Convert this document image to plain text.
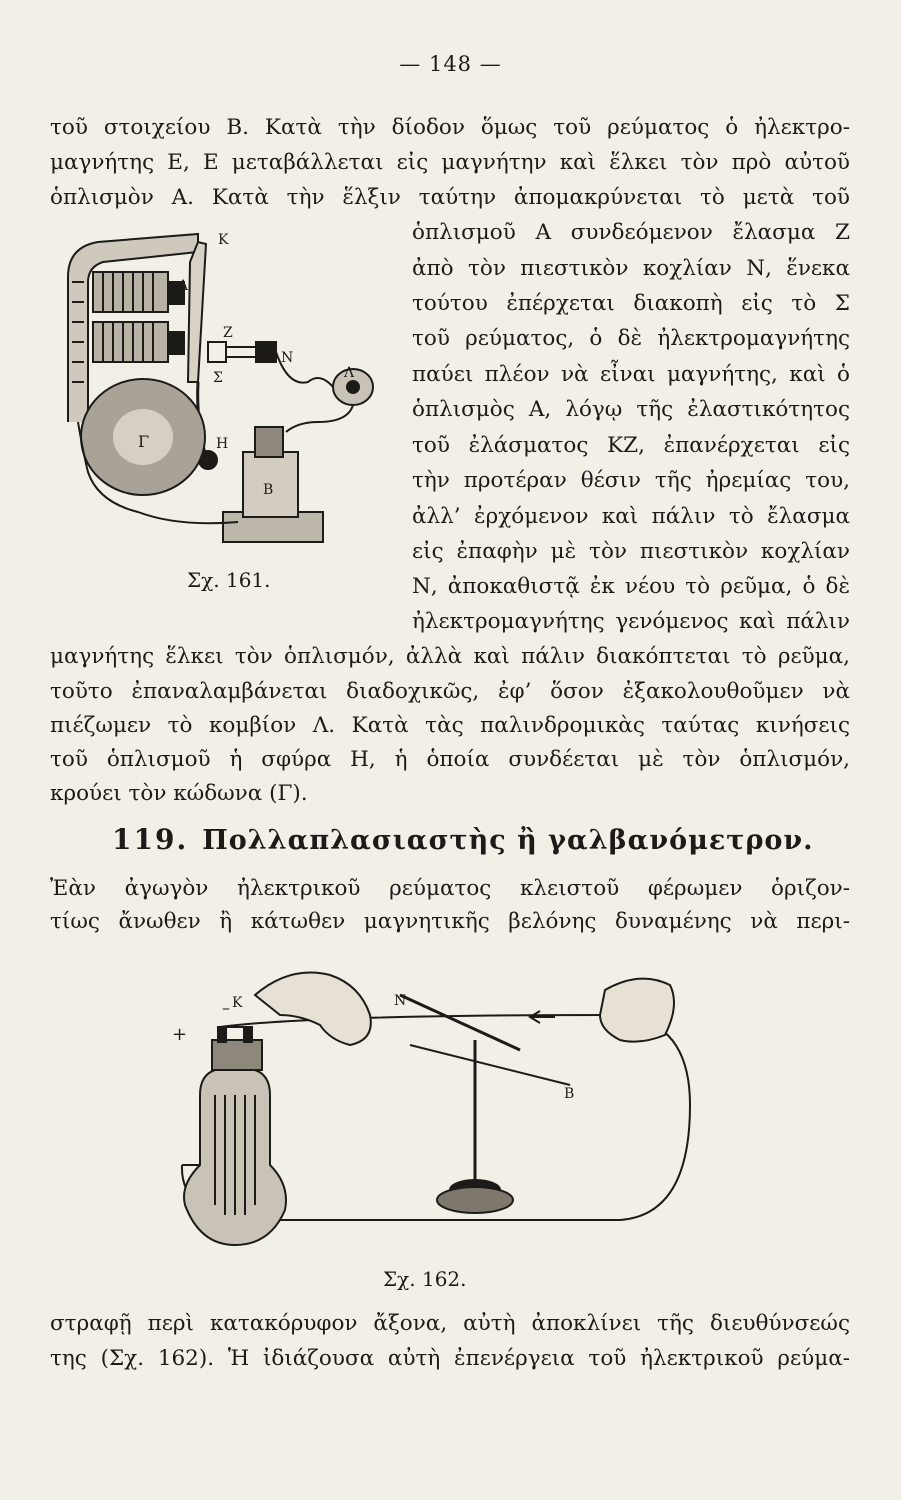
— 148 —
τοῦ στοιχείου Β. Κατὰ τὴν δίοδον ὅμως τοῦ ρεύματος ὁ ἠλεκτρο-
μαγνήτης Ε, Ε μεταβάλλεται εἰς μαγνήτην καὶ ἕλκει τὸν πρὸ αὐτοῦ
ὁπλισμὸν Α. Κατὰ τὴν ἕλξιν ταύτην ἀπομακρύνεται τὸ μετὰ τοῦ
ὁπλισμοῦ Α συνδεόμενον ἔλασμα Ζ
ἀπὸ τὸν πιεστικὸν κοχλίαν Ν, ἕνεκα
τούτου ἐπέρχεται διακοπὴ εἰς τὸ Σ
τοῦ ρεύματος, ὁ δὲ ἠλεκτρομαγνήτης
παύει πλέον νὰ εἶναι μαγνήτης, καὶ ὁ
ὁπλισμὸς Α, λόγῳ τῆς ἐλαστικότητος
τοῦ ἐλάσματος ΚΖ, ἐπανέρχεται εἰς
τὴν προτέραν θέσιν τῆς ἠρεμίας του,
ἀλλ’ ἐρχόμενον καὶ πάλιν τὸ ἔλασμα
εἰς ἐπαφὴν μὲ τὸν πιεστικὸν κοχλίαν
Ν, ἀποκαθιστᾷ ἐκ νέου τὸ ρεῦμα, ὁ δὲ
ἠλεκτρομαγνήτης γενόμενος καὶ πάλιν
μαγνήτης ἕλκει τὸν ὁπλισμόν, ἀλλὰ καὶ πάλιν διακόπτεται τὸ ρεῦμα,
τοῦτο ἐπαναλαμβάνεται διαδοχικῶς, ἐφ’ ὅσον ἐξακολουθοῦμεν νὰ
πιέζωμεν τὸ κομβίον Λ. Κατὰ τὰς παλινδρομικὰς ταύτας κινήσεις
τοῦ ὁπλισμοῦ ἡ σφύρα Η, ἡ ὁποία συνδέεται μὲ τὸν ὁπλισμόν,
κρούει τὸν κώδωνα (Γ).
Κ
Α
Ζ
Ν
Σ	Λ
Γ	Η
Β
Σχ. 161.
119. Πολλαπλασιαστὴς ἢ γαλβανόμετρον.
Ἐὰν ἀγωγὸν ἠλεκτρικοῦ ρεύματος κλειστοῦ φέρωμεν ὁριζον-
τίως ἄνωθεν ἢ κάτωθεν μαγνητικῆς βελόνης δυναμένης νὰ περι-
+
– Κ	N
B
Σχ. 162.
στραφῇ περὶ κατακόρυφον ἄξονα, αὐτὴ ἀποκλίνει τῆς διευθύνσεώς
της (Σχ. 162). Ἡ ἰδιάζουσα αὐτὴ ἐπενέργεια τοῦ ἠλεκτρικοῦ ρεύμα-
